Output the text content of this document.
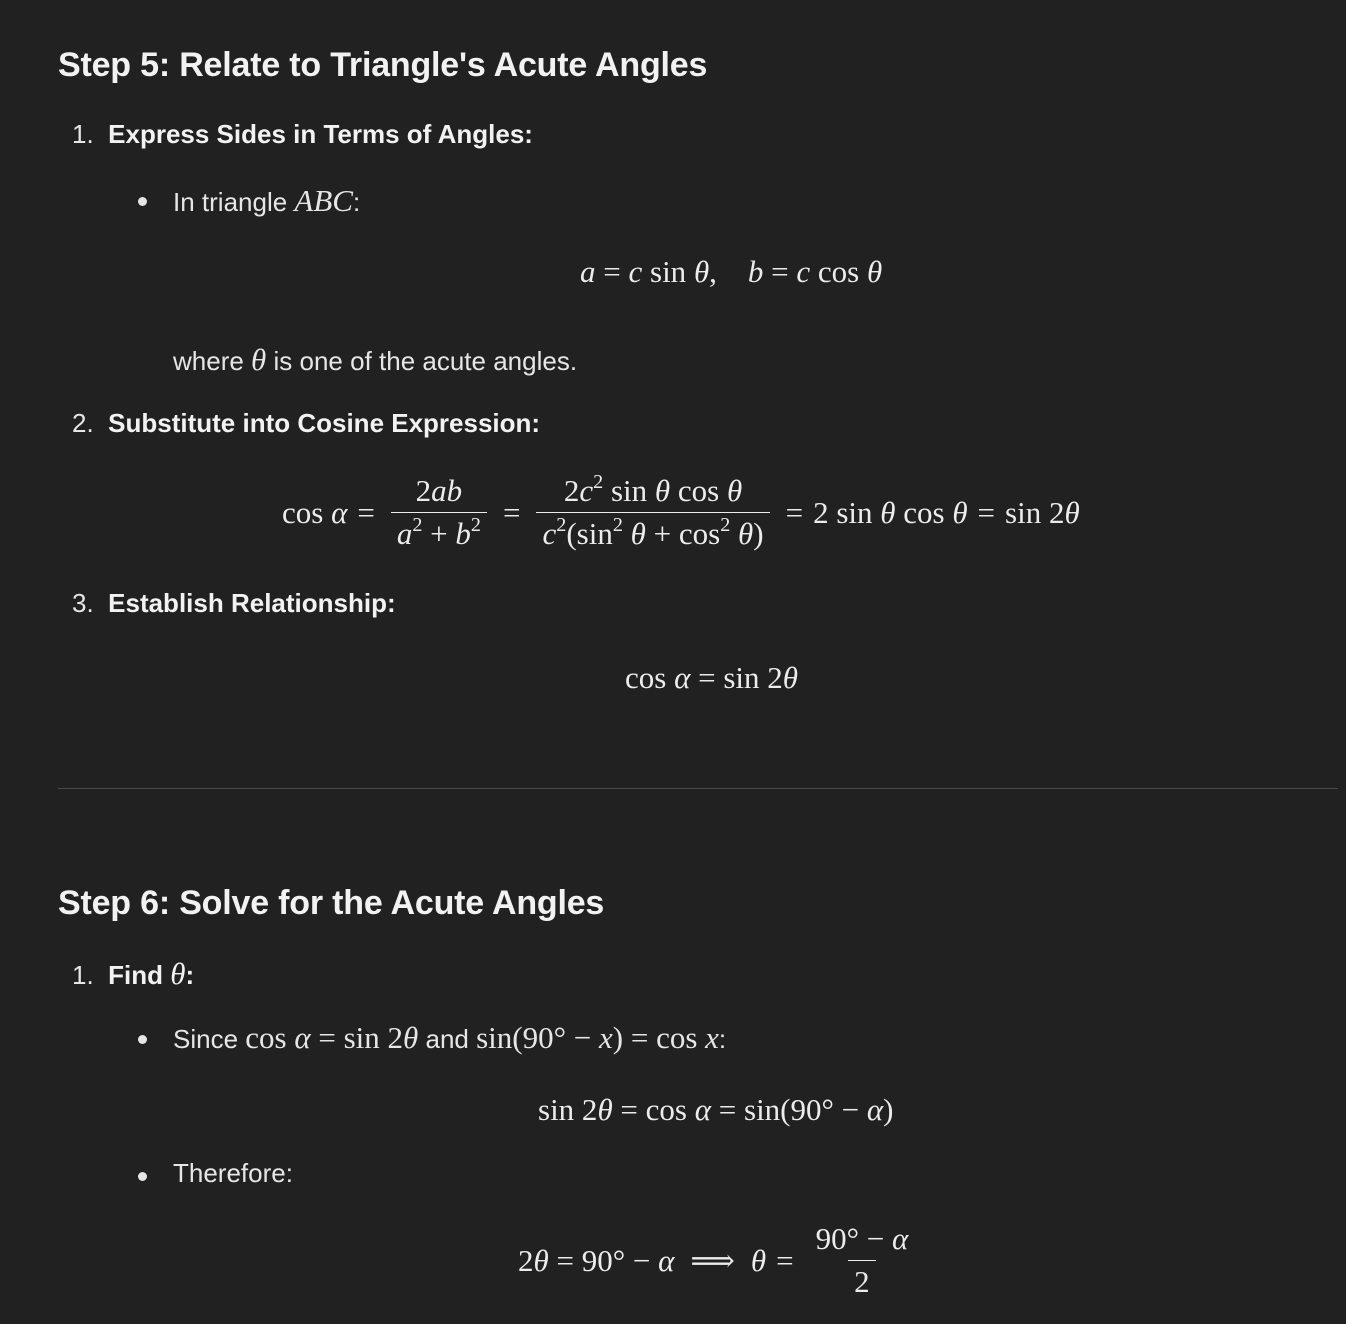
Step 5: Relate to Triangle's Acute Angles
1. Express Sides in Terms of Angles:
In triangle ABC:
a = c sin θ,    b = c cos θ
where θ is one of the acute angles.
2. Substitute into Cosine Expression:
$\cos \alpha = \frac{2ab}{a^2 + b^2} = \frac{2c^2 \sin \theta \cos \theta}{c^2(\sin^2 \theta + \cos^2 \theta)} = 2$ sin θ cos θ = sin 2θ
3. Establish Relationship:
cos α = sin 2θ
Step 6: Solve for the Acute Angles
1. Find θ:
Since cos α = sin 2θ and sin(90° − x) = cos x:
sin 2θ = cos α = sin(90° − α)
Therefore:
2θ = 90° − α ⟹ $\theta = \frac{90^\circ - \alpha}{2}$
